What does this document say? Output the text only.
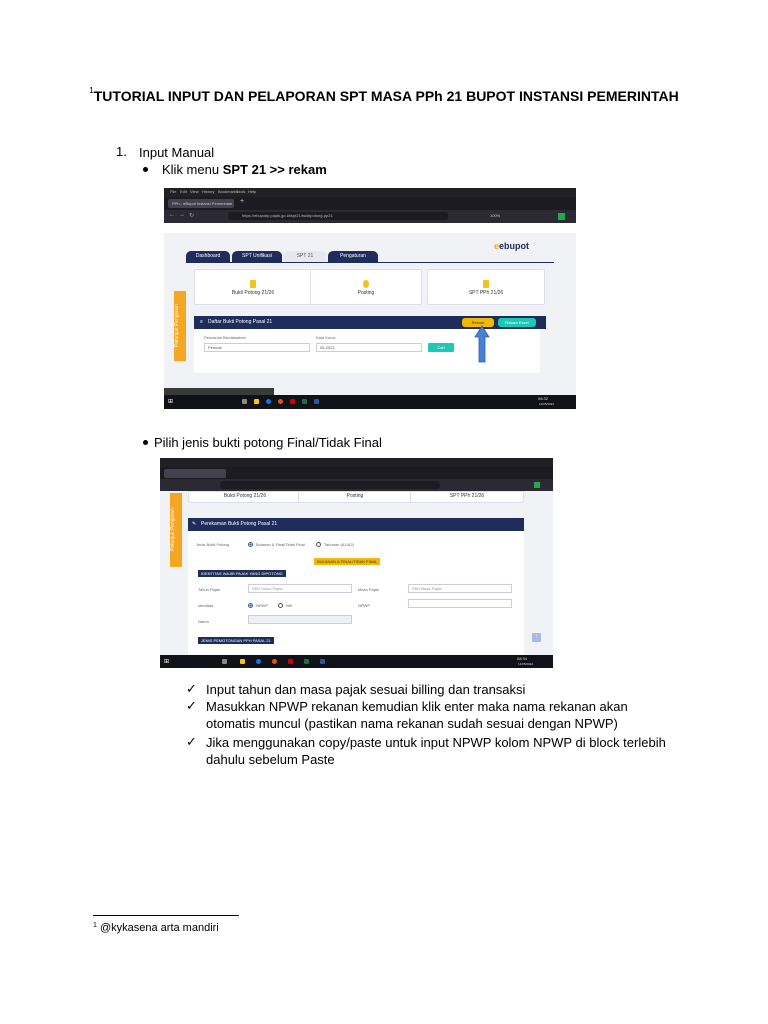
$^1$TUTORIAL INPUT DAN PELAPORAN SPT MASA PPh 21 BUPOT INSTANSI PEMERINTAH
1. Input Manual
Klik menu SPT 21 >> rekam
File Edit View History Bookmarks
Tools Help
PPh - eBupot Instansi Pemerintah +
← → ↻	https://ebupotip.pajak.go.id/spt21/buktipotong-pp21	100%
eebupot
Dashboard	SPT Unifikasi	SPT 21	Pengaturan
Bukti Potong 21/26	Posting	SPT PPh 21/26
Petunjuk Pengisian	≡ Daftar Bukti Potong Pasal 21	Rekam	Rekam Excel
Pencarian Berdasarkan
Periode
Kata Kunci
05-2022	Cari
⊞
08:32
14/05/2022
Pilih jenis bukti potong Final/Tidak Final
Bukti Potong 21/26	Posting	SPT PPh 21/26
Petunjuk Pengisian	✎ Perekaman Bukti Potong Pasal 21
Jenis Bukti Potong	Bulanan & Final/Tidak Final	Tahunan (A1/A2)
BULANAN & FINAL/TIDAK FINAL
IDENTITAS WAJIB PAJAK YANG DIPOTONG
Tahun Pajak	Pilih Tahun Pajak	Masa Pajak	Pilih Masa Pajak
Identitas	NPWP	NIK	NPWP
Nama
JENIS PEMOTONGAN PPH PASAL 21
↑
⊞
08:34
14/05/2022
✓ Input tahun dan masa pajak sesuai billing dan transaksi
✓ Masukkan NPWP rekanan kemudian klik enter maka nama rekanan akan
otomatis muncul (pastikan nama rekanan sudah sesuai dengan NPWP)
✓ Jika menggunakan copy/paste untuk input NPWP kolom NPWP di block terlebih
dahulu sebelum Paste
$^1$ @kykasena arta mandiri
